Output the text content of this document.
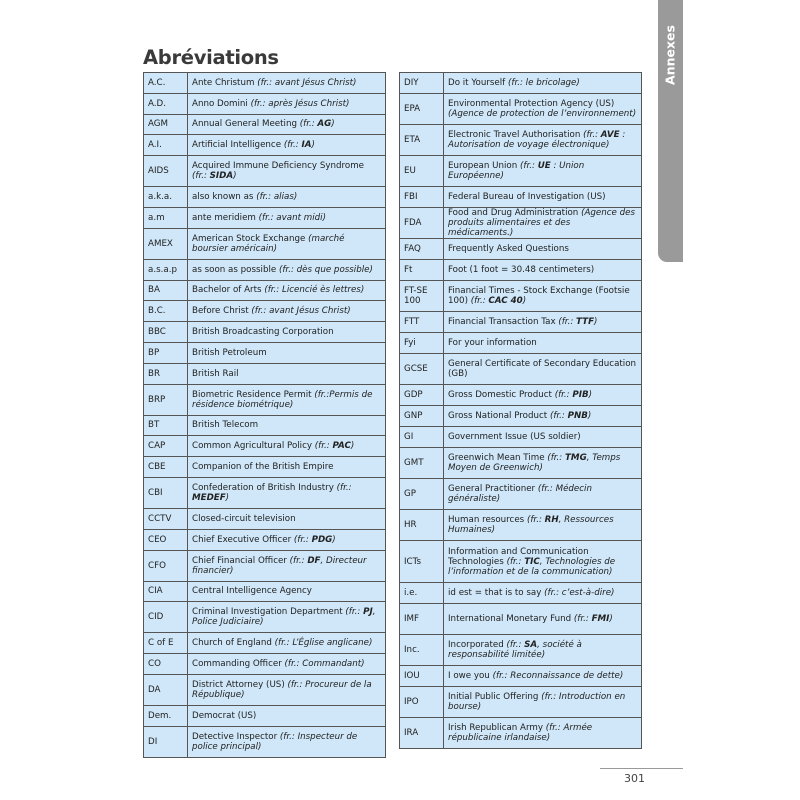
Annexes
Abréviations
A.C.	Ante Christum (fr.: avant Jésus Christ)
A.D.	Anno Domini (fr.: après Jésus Christ)
AGM	Annual General Meeting (fr.: AG)
A.I.	Artificial Intelligence (fr.: IA)
AIDS	Acquired Immune Deficiency Syndrome (fr.: SIDA)
a.k.a.	also known as (fr.: alias)
a.m	ante meridiem (fr.: avant midi)
AMEX	American Stock Exchange (marché boursier américain)
a.s.a.p	as soon as possible (fr.: dès que possible)
BA	Bachelor of Arts (fr.: Licencié ès lettres)
B.C.	Before Christ (fr.: avant Jésus Christ)
BBC	British Broadcasting Corporation
BP	British Petroleum
BR	British Rail
BRP	Biometric Residence Permit (fr.:Permis de résidence biométrique)
BT	British Telecom
CAP	Common Agricultural Policy (fr.: PAC)
CBE	Companion of the British Empire
CBI	Confederation of British Industry (fr.: MEDEF)
CCTV	Closed-circuit television
CEO	Chief Executive Officer (fr.: PDG)
CFO	Chief Financial Officer (fr.: DF, Directeur financier)
CIA	Central Intelligence Agency
CID	Criminal Investigation Department (fr.: PJ, Police Judiciaire)
C of E	Church of England (fr.: L’Église anglicane)
CO	Commanding Officer (fr.: Commandant)
DA	District Attorney (US) (fr.: Procureur de la République)
Dem.	Democrat (US)
DI	Detective Inspector (fr.: Inspecteur de police principal)
DIY	Do it Yourself (fr.: le bricolage)
EPA	Environmental Protection Agency (US) (Agence de protection de l’environnement)
ETA	Electronic Travel Authorisation (fr.: AVE : Autorisation de voyage électronique)
EU	European Union (fr.: UE : Union Européenne)
FBI	Federal Bureau of Investigation (US)
FDA	Food and Drug Administration (Agence des produits alimentaires et des médicaments.)
FAQ	Frequently Asked Questions
Ft	Foot (1 foot = 30.48 centimeters)
FT-SE 100	Financial Times - Stock Exchange (Footsie 100) (fr.: CAC 40)
FTT	Financial Transaction Tax (fr.: TTF)
Fyi	For your information
GCSE	General Certificate of Secondary Education (GB)
GDP	Gross Domestic Product (fr.: PIB)
GNP	Gross National Product (fr.: PNB)
GI	Government Issue (US soldier)
GMT	Greenwich Mean Time (fr.: TMG, Temps Moyen de Greenwich)
GP	General Practitioner (fr.: Médecin généraliste)
HR	Human resources (fr.: RH, Ressources Humaines)
ICTs	Information and Communication Technologies (fr.: TIC, Technologies de l’information et de la communication)
i.e.	id est = that is to say (fr.: c’est-à-dire)
IMF	International Monetary Fund (fr.: FMI)
Inc.	Incorporated (fr.: SA, société à responsabilité limitée)
IOU	I owe you (fr.: Reconnaissance de dette)
IPO	Initial Public Offering (fr.: Introduction en bourse)
IRA	Irish Republican Army (fr.: Armée républicaine irlandaise)
301
